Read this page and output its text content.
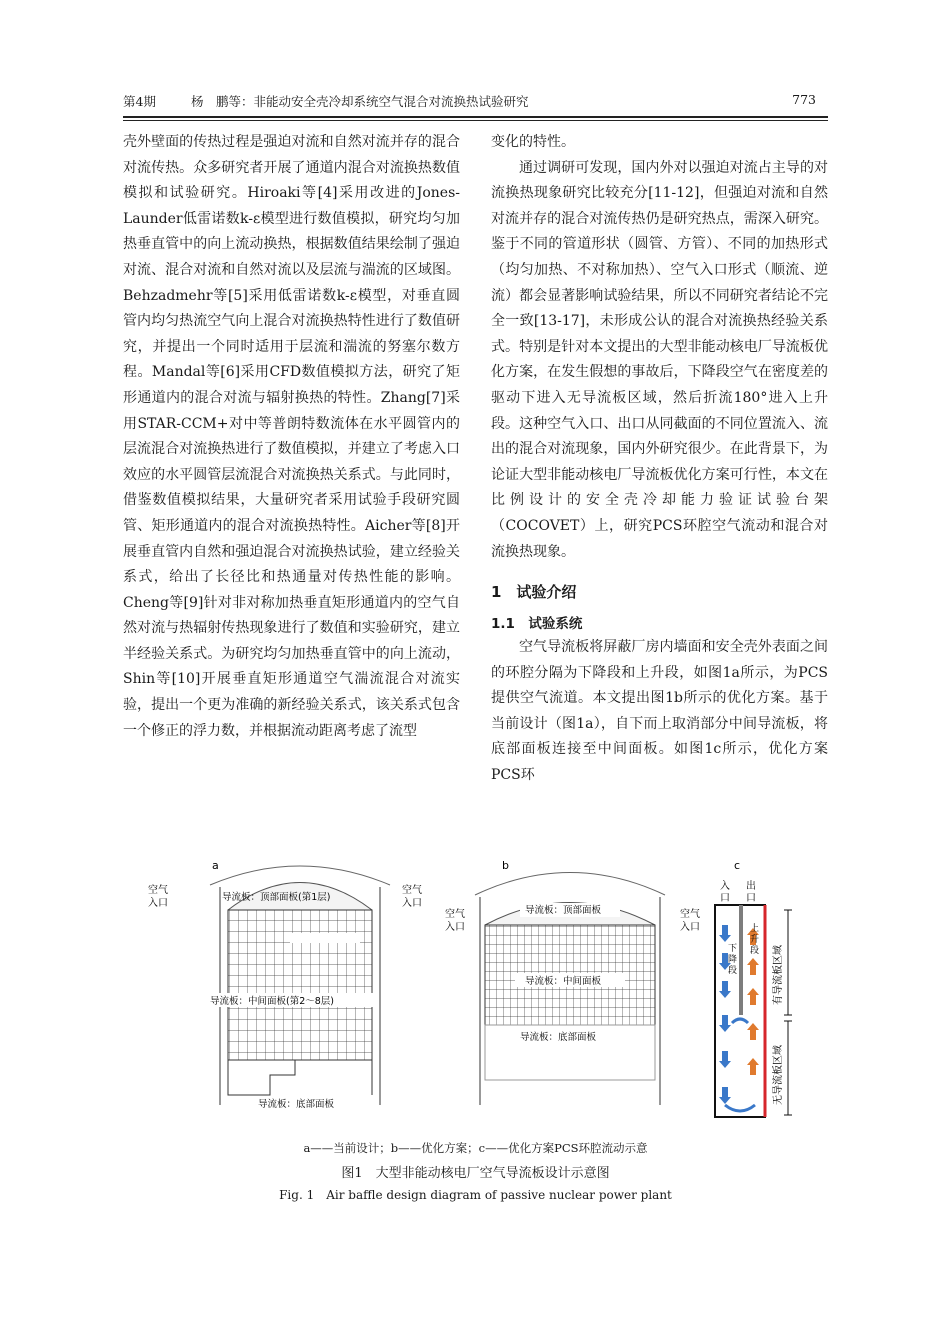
第4期	杨　鹏等：非能动安全壳冷却系统空气混合对流换热试验研究	773

壳外壁面的传热过程是强迫对流和自然对流并存的混合对流传热。众多研究者开展了通道内混合对流换热数值模拟和试验研究。Hiroaki等[4]采用改进的Jones-Launder低雷诺数k-ε模型进行数值模拟，研究均匀加热垂直管中的向上流动换热，根据数值结果绘制了强迫对流、混合对流和自然对流以及层流与湍流的区域图。Behzadmehr等[5]采用低雷诺数k-ε模型，对垂直圆管内均匀热流空气向上混合对流换热特性进行了数值研究，并提出一个同时适用于层流和湍流的努塞尔数方程。Mandal等[6]采用CFD数值模拟方法，研究了矩形通道内的混合对流与辐射换热的特性。Zhang[7]采用STAR-CCM+对中等普朗特数流体在水平圆管内的层流混合对流换热进行了数值模拟，并建立了考虑入口效应的水平圆管层流混合对流换热关系式。与此同时，借鉴数值模拟结果，大量研究者采用试验手段研究圆管、矩形通道内的混合对流换热特性。Aicher等[8]开展垂直管内自然和强迫混合对流换热试验，建立经验关系式，给出了长径比和热通量对传热性能的影响。Cheng等[9]针对非对称加热垂直矩形通道内的空气自然对流与热辐射传热现象进行了数值和实验研究，建立半经验关系式。为研究均匀加热垂直管中的向上流动，Shin等[10]开展垂直矩形通道空气湍流混合对流实验，提出一个更为准确的新经验关系式，该关系式包含一个修正的浮力数，并根据流动距离考虑了流型

变化的特性。

通过调研可发现，国内外对以强迫对流占主导的对流换热现象研究比较充分[11-12]，但强迫对流和自然对流并存的混合对流传热仍是研究热点，需深入研究。鉴于不同的管道形状（圆管、方管）、不同的加热形式（均匀加热、不对称加热）、空气入口形式（顺流、逆流）都会显著影响试验结果，所以不同研究者结论不完全一致[13-17]，未形成公认的混合对流换热经验关系式。特别是针对本文提出的大型非能动核电厂导流板优化方案，在发生假想的事故后，下降段空气在密度差的驱动下进入无导流板区域，然后折流180°进入上升段。这种空气入口、出口从同截面的不同位置流入、流出的混合对流现象，国内外研究很少。在此背景下，为论证大型非能动核电厂导流板优化方案可行性，本文在比例设计的安全壳冷却能力验证试验台架（COCOVET）上，研究PCS环腔空气流动和混合对流换热现象。

1　试验介绍

1.1　试验系统

空气导流板将屏蔽厂房内墙面和安全壳外表面之间的环腔分隔为下降段和上升段，如图1a所示，为PCS提供空气流道。本文提出图1b所示的优化方案。基于当前设计（图1a），自下而上取消部分中间导流板，将底部面板连接至中间面板。如图1c所示，优化方案PCS环

a
导流板：顶部面板(第1层)
导流板：中间面板(第2～8层)
导流板：底部面板
空气
入口
空气
入口
b
导流板：顶部面板
导流板：中间面板
导流板：底部面板
空气
入口
空气
入口
c
入
口
出
口
下
降
段
上
升
段 有导流板区域
无导流板区域
a——当前设计；b——优化方案；c——优化方案PCS环腔流动示意
图1　大型非能动核电厂空气导流板设计示意图
Fig. 1　Air baffle design diagram of passive nuclear power plant
